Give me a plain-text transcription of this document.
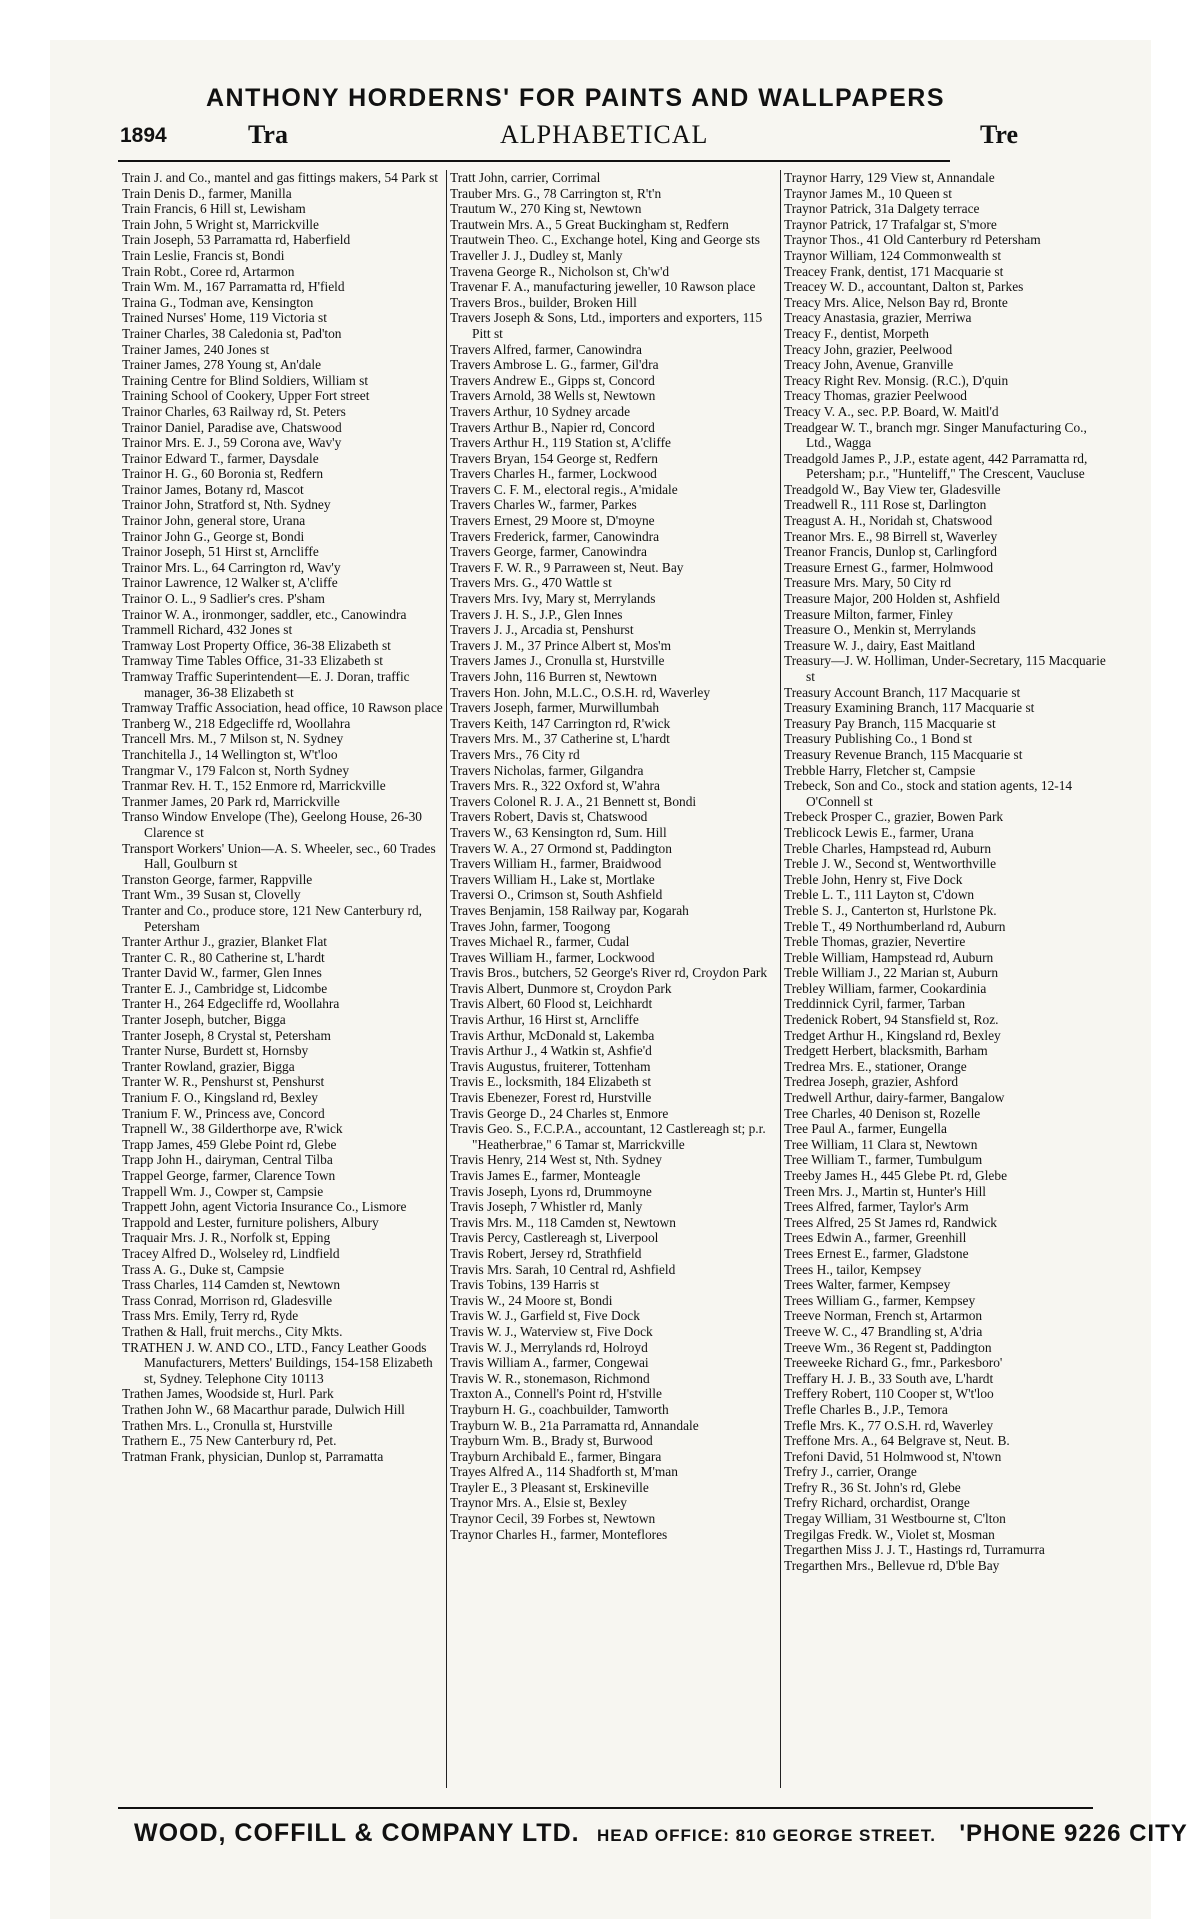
ANTHONY HORDERNS' FOR PAINTS AND WALLPAPERS
1894	Tra	ALPHABETICAL	Tre
Train J. and Co., mantel and gas fittings makers, 54 Park st
Train Denis D., farmer, Manilla
Train Francis, 6 Hill st, Lewisham
Train John, 5 Wright st, Marrickville
Train Joseph, 53 Parramatta rd, Haberfield
Train Leslie, Francis st, Bondi
Train Robt., Coree rd, Artarmon
Train Wm. M., 167 Parramatta rd, H'field
Traina G., Todman ave, Kensington
Trained Nurses' Home, 119 Victoria st
Trainer Charles, 38 Caledonia st, Pad'ton
Trainer James, 240 Jones st
Trainer James, 278 Young st, An'dale
Training Centre for Blind Soldiers, William st
Training School of Cookery, Upper Fort street
Trainor Charles, 63 Railway rd, St. Peters
Trainor Daniel, Paradise ave, Chatswood
Trainor Mrs. E. J., 59 Corona ave, Wav'y
Trainor Edward T., farmer, Daysdale
Trainor H. G., 60 Boronia st, Redfern
Trainor James, Botany rd, Mascot
Trainor John, Stratford st, Nth. Sydney
Trainor John, general store, Urana
Trainor John G., George st, Bondi
Trainor Joseph, 51 Hirst st, Arncliffe
Trainor Mrs. L., 64 Carrington rd, Wav'y
Trainor Lawrence, 12 Walker st, A'cliffe
Trainor O. L., 9 Sadlier's cres. P'sham
Trainor W. A., ironmonger, saddler, etc., Canowindra
Trammell Richard, 432 Jones st
Tramway Lost Property Office, 36-38 Elizabeth st
Tramway Time Tables Office, 31-33 Elizabeth st
Tramway Traffic Superintendent—E. J. Doran, traffic manager, 36-38 Elizabeth st
Tramway Traffic Association, head office, 10 Rawson place
Tranberg W., 218 Edgecliffe rd, Woollahra
Trancell Mrs. M., 7 Milson st, N. Sydney
Tranchitella J., 14 Wellington st, W't'loo
Trangmar V., 179 Falcon st, North Sydney
Tranmar Rev. H. T., 152 Enmore rd, Marrickville
Tranmer James, 20 Park rd, Marrickville
Transo Window Envelope (The), Geelong House, 26-30 Clarence st
Transport Workers' Union—A. S. Wheeler, sec., 60 Trades Hall, Goulburn st
Transton George, farmer, Rappville
Trant Wm., 39 Susan st, Clovelly
Tranter and Co., produce store, 121 New Canterbury rd, Petersham
Tranter Arthur J., grazier, Blanket Flat
Tranter C. R., 80 Catherine st, L'hardt
Tranter David W., farmer, Glen Innes
Tranter E. J., Cambridge st, Lidcombe
Tranter H., 264 Edgecliffe rd, Woollahra
Tranter Joseph, butcher, Bigga
Tranter Joseph, 8 Crystal st, Petersham
Tranter Nurse, Burdett st, Hornsby
Tranter Rowland, grazier, Bigga
Tranter W. R., Penshurst st, Penshurst
Tranium F. O., Kingsland rd, Bexley
Tranium F. W., Princess ave, Concord
Trapnell W., 38 Gilderthorpe ave, R'wick
Trapp James, 459 Glebe Point rd, Glebe
Trapp John H., dairyman, Central Tilba
Trappel George, farmer, Clarence Town
Trappell Wm. J., Cowper st, Campsie
Trappett John, agent Victoria Insurance Co., Lismore
Trappold and Lester, furniture polishers, Albury
Traquair Mrs. J. R., Norfolk st, Epping
Tracey Alfred D., Wolseley rd, Lindfield
Trass A. G., Duke st, Campsie
Trass Charles, 114 Camden st, Newtown
Trass Conrad, Morrison rd, Gladesville
Trass Mrs. Emily, Terry rd, Ryde
Trathen & Hall, fruit merchs., City Mkts.
TRATHEN J. W. AND CO., LTD., Fancy Leather Goods Manufacturers, Metters' Buildings, 154-158 Elizabeth st, Sydney. Telephone City 10113
Trathen James, Woodside st, Hurl. Park
Trathen John W., 68 Macarthur parade, Dulwich Hill
Trathen Mrs. L., Cronulla st, Hurstville
Trathern E., 75 New Canterbury rd, Pet.
Tratman Frank, physician, Dunlop st, Parramatta
Tratt John, carrier, Corrimal
Trauber Mrs. G., 78 Carrington st, R't'n
Trautum W., 270 King st, Newtown
Trautwein Mrs. A., 5 Great Buckingham st, Redfern
Trautwein Theo. C., Exchange hotel, King and George sts
Traveller J. J., Dudley st, Manly
Travena George R., Nicholson st, Ch'w'd
Travenar F. A., manufacturing jeweller, 10 Rawson place
Travers Bros., builder, Broken Hill
Travers Joseph & Sons, Ltd., importers and exporters, 115 Pitt st
Travers Alfred, farmer, Canowindra
Travers Ambrose L. G., farmer, Gil'dra
Travers Andrew E., Gipps st, Concord
Travers Arnold, 38 Wells st, Newtown
Travers Arthur, 10 Sydney arcade
Travers Arthur B., Napier rd, Concord
Travers Arthur H., 119 Station st, A'cliffe
Travers Bryan, 154 George st, Redfern
Travers Charles H., farmer, Lockwood
Travers C. F. M., electoral regis., A'midale
Travers Charles W., farmer, Parkes
Travers Ernest, 29 Moore st, D'moyne
Travers Frederick, farmer, Canowindra
Travers George, farmer, Canowindra
Travers F. W. R., 9 Parraween st, Neut. Bay
Travers Mrs. G., 470 Wattle st
Travers Mrs. Ivy, Mary st, Merrylands
Travers J. H. S., J.P., Glen Innes
Travers J. J., Arcadia st, Penshurst
Travers J. M., 37 Prince Albert st, Mos'm
Travers James J., Cronulla st, Hurstville
Travers John, 116 Burren st, Newtown
Travers Hon. John, M.L.C., O.S.H. rd, Waverley
Travers Joseph, farmer, Murwillumbah
Travers Keith, 147 Carrington rd, R'wick
Travers Mrs. M., 37 Catherine st, L'hardt
Travers Mrs., 76 City rd
Travers Nicholas, farmer, Gilgandra
Travers Mrs. R., 322 Oxford st, W'ahra
Travers Colonel R. J. A., 21 Bennett st, Bondi
Travers Robert, Davis st, Chatswood
Travers W., 63 Kensington rd, Sum. Hill
Travers W. A., 27 Ormond st, Paddington
Travers William H., farmer, Braidwood
Travers William H., Lake st, Mortlake
Traversi O., Crimson st, South Ashfield
Traves Benjamin, 158 Railway par, Kogarah
Traves John, farmer, Toogong
Traves Michael R., farmer, Cudal
Traves William H., farmer, Lockwood
Travis Bros., butchers, 52 George's River rd, Croydon Park
Travis Albert, Dunmore st, Croydon Park
Travis Albert, 60 Flood st, Leichhardt
Travis Arthur, 16 Hirst st, Arncliffe
Travis Arthur, McDonald st, Lakemba
Travis Arthur J., 4 Watkin st, Ashfie'd
Travis Augustus, fruiterer, Tottenham
Travis E., locksmith, 184 Elizabeth st
Travis Ebenezer, Forest rd, Hurstville
Travis George D., 24 Charles st, Enmore
Travis Geo. S., F.C.P.A., accountant, 12 Castlereagh st; p.r. "Heatherbrae," 6 Tamar st, Marrickville
Travis Henry, 214 West st, Nth. Sydney
Travis James E., farmer, Monteagle
Travis Joseph, Lyons rd, Drummoyne
Travis Joseph, 7 Whistler rd, Manly
Travis Mrs. M., 118 Camden st, Newtown
Travis Percy, Castlereagh st, Liverpool
Travis Robert, Jersey rd, Strathfield
Travis Mrs. Sarah, 10 Central rd, Ashfield
Travis Tobins, 139 Harris st
Travis W., 24 Moore st, Bondi
Travis W. J., Garfield st, Five Dock
Travis W. J., Waterview st, Five Dock
Travis W. J., Merrylands rd, Holroyd
Travis William A., farmer, Congewai
Travis W. R., stonemason, Richmond
Traxton A., Connell's Point rd, H'stville
Trayburn H. G., coachbuilder, Tamworth
Trayburn W. B., 21a Parramatta rd, Annandale
Trayburn Wm. B., Brady st, Burwood
Trayburn Archibald E., farmer, Bingara
Trayes Alfred A., 114 Shadforth st, M'man
Trayler E., 3 Pleasant st, Erskineville
Traynor Mrs. A., Elsie st, Bexley
Traynor Cecil, 39 Forbes st, Newtown
Traynor Charles H., farmer, Monteflores
Traynor Harry, 129 View st, Annandale
Traynor James M., 10 Queen st
Traynor Patrick, 31a Dalgety terrace
Traynor Patrick, 17 Trafalgar st, S'more
Traynor Thos., 41 Old Canterbury rd Petersham
Traynor William, 124 Commonwealth st
Treacey Frank, dentist, 171 Macquarie st
Treacey W. D., accountant, Dalton st, Parkes
Treacy Mrs. Alice, Nelson Bay rd, Bronte
Treacy Anastasia, grazier, Merriwa
Treacy F., dentist, Morpeth
Treacy John, grazier, Peelwood
Treacy John, Avenue, Granville
Treacy Right Rev. Monsig. (R.C.), D'quin
Treacy Thomas, grazier Peelwood
Treacy V. A., sec. P.P. Board, W. Maitl'd
Treadgear W. T., branch mgr. Singer Manufacturing Co., Ltd., Wagga
Treadgold James P., J.P., estate agent, 442 Parramatta rd, Petersham; p.r., "Hunteliff," The Crescent, Vaucluse
Treadgold W., Bay View ter, Gladesville
Treadwell R., 111 Rose st, Darlington
Treagust A. H., Noridah st, Chatswood
Treanor Mrs. E., 98 Birrell st, Waverley
Treanor Francis, Dunlop st, Carlingford
Treasure Ernest G., farmer, Holmwood
Treasure Mrs. Mary, 50 City rd
Treasure Major, 200 Holden st, Ashfield
Treasure Milton, farmer, Finley
Treasure O., Menkin st, Merrylands
Treasure W. J., dairy, East Maitland
Treasury—J. W. Holliman, Under-Secretary, 115 Macquarie st
Treasury Account Branch, 117 Macquarie st
Treasury Examining Branch, 117 Macquarie st
Treasury Pay Branch, 115 Macquarie st
Treasury Publishing Co., 1 Bond st
Treasury Revenue Branch, 115 Macquarie st
Trebble Harry, Fletcher st, Campsie
Trebeck, Son and Co., stock and station agents, 12-14 O'Connell st
Trebeck Prosper C., grazier, Bowen Park
Treblicock Lewis E., farmer, Urana
Treble Charles, Hampstead rd, Auburn
Treble J. W., Second st, Wentworthville
Treble John, Henry st, Five Dock
Treble L. T., 111 Layton st, C'down
Treble S. J., Canterton st, Hurlstone Pk.
Treble T., 49 Northumberland rd, Auburn
Treble Thomas, grazier, Nevertire
Treble William, Hampstead rd, Auburn
Treble William J., 22 Marian st, Auburn
Trebley William, farmer, Cookardinia
Treddinnick Cyril, farmer, Tarban
Tredenick Robert, 94 Stansfield st, Roz.
Tredget Arthur H., Kingsland rd, Bexley
Tredgett Herbert, blacksmith, Barham
Tredrea Mrs. E., stationer, Orange
Tredrea Joseph, grazier, Ashford
Tredwell Arthur, dairy-farmer, Bangalow
Tree Charles, 40 Denison st, Rozelle
Tree Paul A., farmer, Eungella
Tree William, 11 Clara st, Newtown
Tree William T., farmer, Tumbulgum
Treeby James H., 445 Glebe Pt. rd, Glebe
Treen Mrs. J., Martin st, Hunter's Hill
Trees Alfred, farmer, Taylor's Arm
Trees Alfred, 25 St James rd, Randwick
Trees Edwin A., farmer, Greenhill
Trees Ernest E., farmer, Gladstone
Trees H., tailor, Kempsey
Trees Walter, farmer, Kempsey
Trees William G., farmer, Kempsey
Treeve Norman, French st, Artarmon
Treeve W. C., 47 Brandling st, A'dria
Treeve Wm., 36 Regent st, Paddington
Treeweeke Richard G., fmr., Parkesboro'
Treffary H. J. B., 33 South ave, L'hardt
Treffery Robert, 110 Cooper st, W't'loo
Trefle Charles B., J.P., Temora
Trefle Mrs. K., 77 O.S.H. rd, Waverley
Treffone Mrs. A., 64 Belgrave st, Neut. B.
Trefoni David, 51 Holmwood st, N'town
Trefry J., carrier, Orange
Trefry R., 36 St. John's rd, Glebe
Trefry Richard, orchardist, Orange
Tregay William, 31 Westbourne st, C'lton
Tregilgas Fredk. W., Violet st, Mosman
Tregarthen Miss J. J. T., Hastings rd, Turramurra
Tregarthen Mrs., Bellevue rd, D'ble Bay
WOOD, COFFILL & COMPANY LTD. HEAD OFFICE: 810 GEORGE STREET. 'PHONE 9226 CITY
